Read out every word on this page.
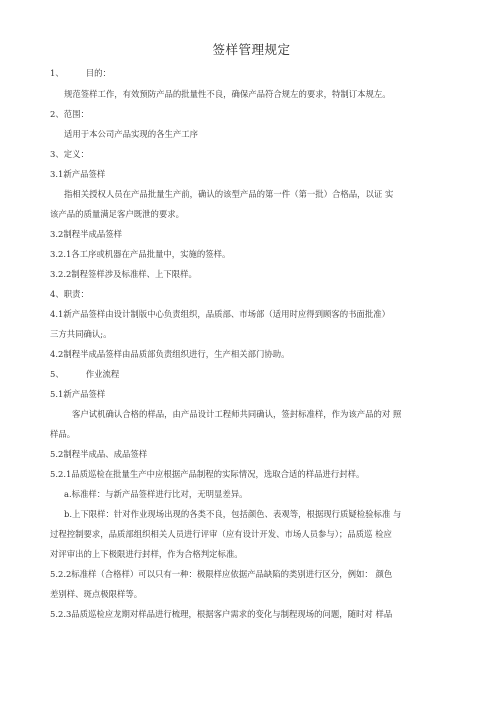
签样管理规定
1、	目的：
规范签样工作，有效预防产品的批量性不良，确保产品符合规左的要求，特制订本规左。
2、范围：
适用于本公司产品实现的各生产工序
3、定义：
3.1新产品签样
指相关授权人员在产品批量生产前，确认的该型产品的第一件（第一批）合格品，以证 实
该产品的质量满足客户既泄的要求。
3.2制程半成品签样
3.2.1各工序或机器在产品批量中，实施的签样。
3.2.2制程签样涉及标准样、上下限样。
4、职责：
4.1新产品签样由设计制版中心负责组织，品质部、市场部（适用时应得到顾客的书面批准）
三方共同确认;。
4.2制程半成品签样由品质部负责组织进行，生产相关部门协助。
5、	作业流程
5.1新产品签样
客户试机确认合格的样品，由产品设计工程师共同确认，签封标准样，作为该产品的对 照
样品。
5.2制程半成品、成品签样
5.2.1品质巡检在批量生产中应根据产品制程的实际情况，选取合适的样品进行封样。
a.标准样：与新产品签样进行比对，无明显差异。
b.上下限样：针对作业现场出现的各类不良，包括颜色、表观等，根据现行质疑检验标准 与
过程控制要求，品质部组织相关人员进行评审（应有设计开发、市场人员参与）；品质巡 检应
对评审出的上下极限进行封样，作为合格判定标准。
5.2.2标准样（合格样）可以只有一种：极限样应依据产品缺陷的类别进行区分，例如： 颜色
差别样、斑点极限样等。
5.2.3品质巡检应龙期对样品进行梳理，根据客户需求的变化与制程现场的问题，随时对 样品
